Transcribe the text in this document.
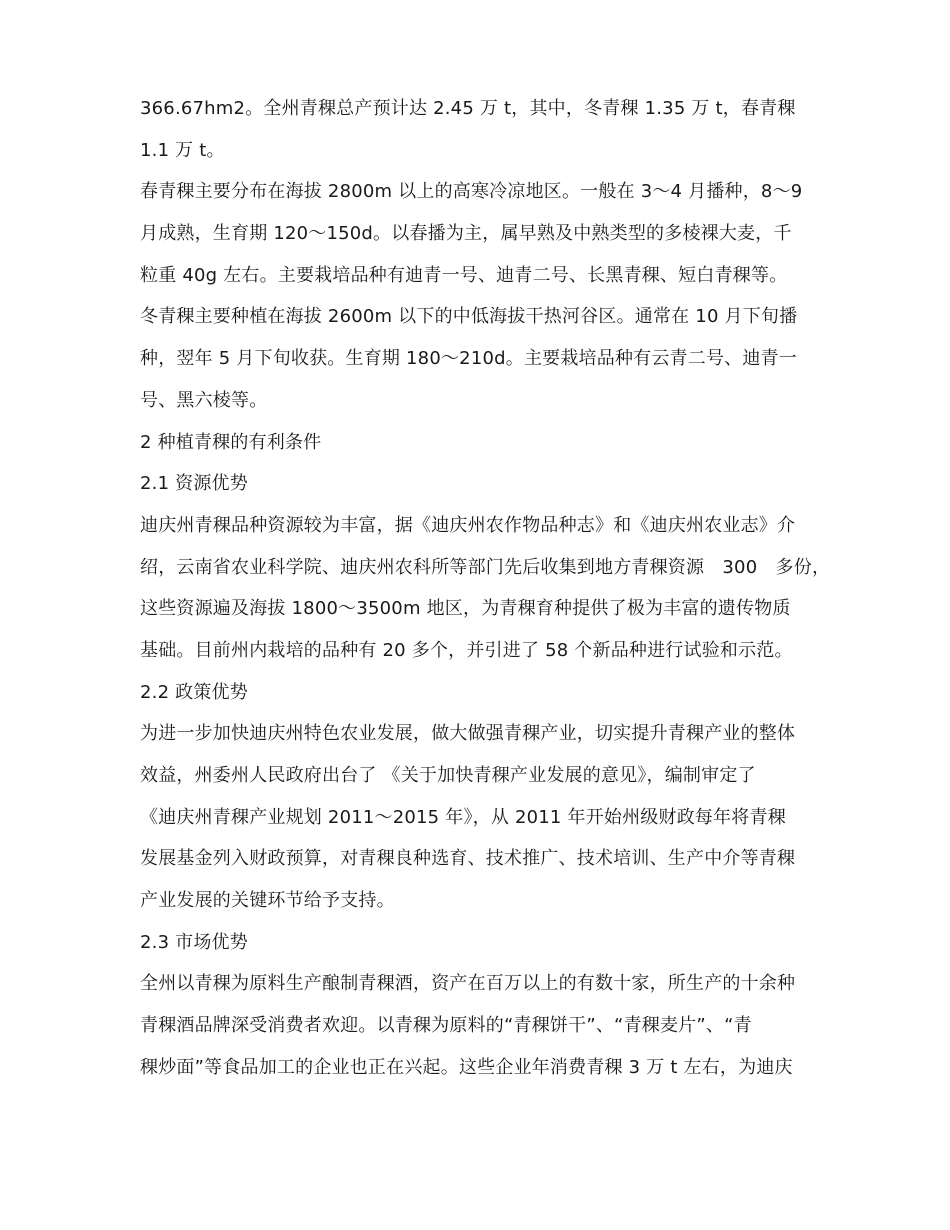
366.67hm2。全州青稞总产预计达 2.45 万 t，其中，冬青稞 1.35 万 t，春青稞
1.1 万 t。
春青稞主要分布在海拔 2800m 以上的高寒冷凉地区。一般在 3～4 月播种，8～9
月成熟，生育期 120～150d。以春播为主，属早熟及中熟类型的多棱裸大麦，千
粒重 40g 左右。主要栽培品种有迪青一号、迪青二号、长黑青稞、短白青稞等。
冬青稞主要种植在海拔 2600m 以下的中低海拔干热河谷区。通常在 10 月下旬播
种，翌年 5 月下旬收获。生育期 180～210d。主要栽培品种有云青二号、迪青一
号、黑六棱等。
2 种植青稞的有利条件
2.1 资源优势
迪庆州青稞品种资源较为丰富，据《迪庆州农作物品种志》和《迪庆州农业志》介
绍，云南省农业科学院、迪庆州农科所等部门先后收集到地方青稞资源　300　多份，
这些资源遍及海拔 1800～3500m 地区，为青稞育种提供了极为丰富的遗传物质
基础。目前州内栽培的品种有 20 多个，并引进了 58 个新品种进行试验和示范。
2.2 政策优势
为进一步加快迪庆州特色农业发展，做大做强青稞产业，切实提升青稞产业的整体
效益，州委州人民政府出台了 《关于加快青稞产业发展的意见》，编制审定了
《迪庆州青稞产业规划 2011～2015 年》，从 2011 年开始州级财政每年将青稞
发展基金列入财政预算，对青稞良种选育、技术推广、技术培训、生产中介等青稞
产业发展的关键环节给予支持。
2.3 市场优势
全州以青稞为原料生产酿制青稞酒，资产在百万以上的有数十家，所生产的十余种
青稞酒品牌深受消费者欢迎。以青稞为原料的“青稞饼干”、“青稞麦片”、“青
稞炒面”等食品加工的企业也正在兴起。这些企业年消费青稞 3 万 t 左右，为迪庆
